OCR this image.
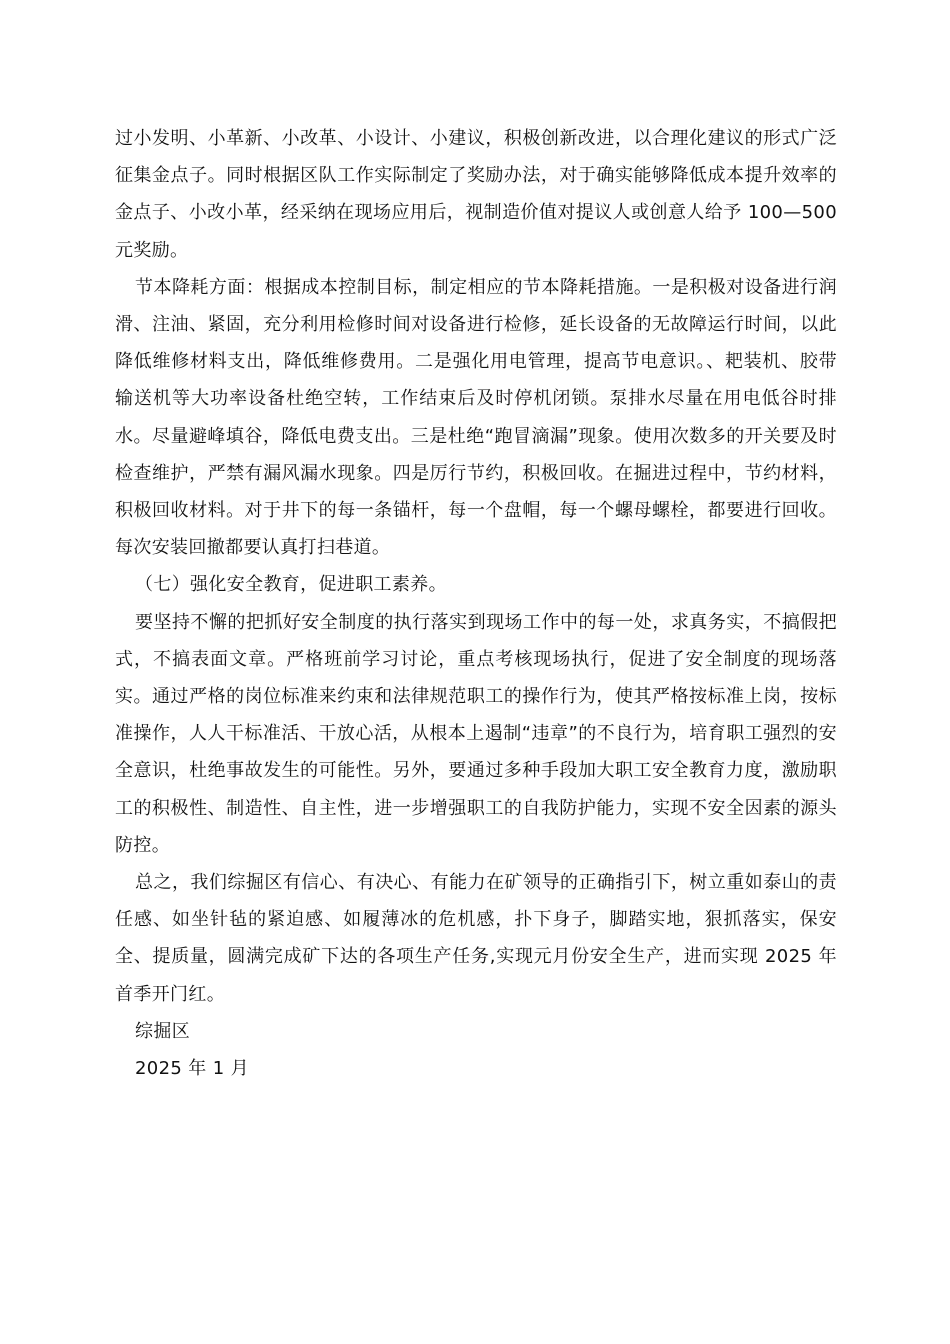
过小发明、小革新、小改革、小设计、小建议，积极创新改进，以合理化建议的形式广泛征集金点子。同时根据区队工作实际制定了奖励办法，对于确实能够降低成本提升效率的金点子、小改小革，经采纳在现场应用后，视制造价值对提议人或创意人给予 100—500 元奖励。

节本降耗方面：根据成本控制目标，制定相应的节本降耗措施。一是积极对设备进行润滑、注油、紧固，充分利用检修时间对设备进行检修，延长设备的无故障运行时间，以此降低维修材料支出，降低维修费用。二是强化用电管理，提高节电意识。、耙装机、胶带输送机等大功率设备杜绝空转，工作结束后及时停机闭锁。泵排水尽量在用电低谷时排水。尽量避峰填谷，降低电费支出。三是杜绝“跑冒滴漏”现象。使用次数多的开关要及时检查维护，严禁有漏风漏水现象。四是厉行节约，积极回收。在掘进过程中，节约材料，积极回收材料。对于井下的每一条锚杆，每一个盘帽，每一个螺母螺栓，都要进行回收。每次安装回撤都要认真打扫巷道。

（七）强化安全教育，促进职工素养。

要坚持不懈的把抓好安全制度的执行落实到现场工作中的每一处，求真务实，不搞假把式，不搞表面文章。严格班前学习讨论，重点考核现场执行，促进了安全制度的现场落实。通过严格的岗位标准来约束和法律规范职工的操作行为，使其严格按标准上岗，按标准操作，人人干标准活、干放心活，从根本上遏制“违章”的不良行为，培育职工强烈的安全意识，杜绝事故发生的可能性。另外，要通过多种手段加大职工安全教育力度，激励职工的积极性、制造性、自主性，进一步增强职工的自我防护能力，实现不安全因素的源头防控。

总之，我们综掘区有信心、有决心、有能力在矿领导的正确指引下，树立重如泰山的责任感、如坐针毡的紧迫感、如履薄冰的危机感，扑下身子，脚踏实地，狠抓落实，保安全、提质量，圆满完成矿下达的各项生产任务,实现元月份安全生产，进而实现 2025 年首季开门红。

综掘区

2025 年 1 月
